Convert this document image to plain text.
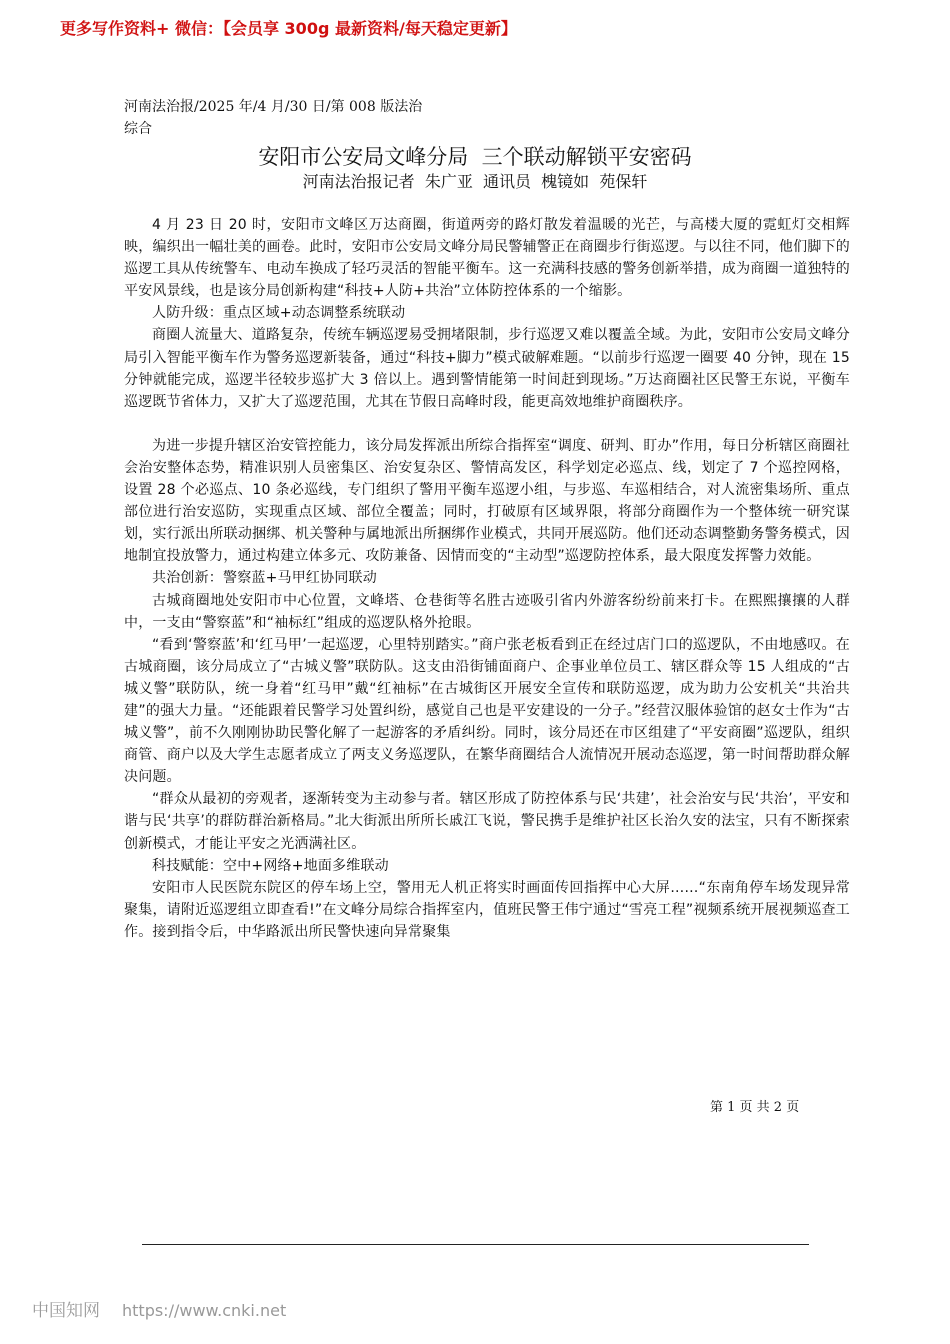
更多写作资料+ 微信：【会员享 300g 最新资料/每天稳定更新】
河南法治报/2025 年/4 月/30 日/第 008 版法治综合
安阳市公安局文峰分局  三个联动解锁平安密码
河南法治报记者  朱广亚  通讯员  槐镜如  苑保轩

4 月 23 日 20 时，安阳市文峰区万达商圈，街道两旁的路灯散发着温暖的光芒，与高楼大厦的霓虹灯交相辉映，编织出一幅壮美的画卷。此时，安阳市公安局文峰分局民警辅警正在商圈步行街巡逻。与以往不同，他们脚下的巡逻工具从传统警车、电动车换成了轻巧灵活的智能平衡车。这一充满科技感的警务创新举措，成为商圈一道独特的平安风景线，也是该分局创新构建“科技+人防+共治”立体防控体系的一个缩影。

人防升级：重点区域+动态调整系统联动

商圈人流量大、道路复杂，传统车辆巡逻易受拥堵限制，步行巡逻又难以覆盖全域。为此，安阳市公安局文峰分局引入智能平衡车作为警务巡逻新装备，通过“科技+脚力”模式破解难题。“以前步行巡逻一圈要 40 分钟，现在 15 分钟就能完成，巡逻半径较步巡扩大 3 倍以上。遇到警情能第一时间赶到现场。”万达商圈社区民警王东说，平衡车巡逻既节省体力，又扩大了巡逻范围，尤其在节假日高峰时段，能更高效地维护商圈秩序。

为进一步提升辖区治安管控能力，该分局发挥派出所综合指挥室“调度、研判、盯办”作用，每日分析辖区商圈社会治安整体态势，精准识别人员密集区、治安复杂区、警情高发区，科学划定必巡点、线，划定了 7 个巡控网格，设置 28 个必巡点、10 条必巡线，专门组织了警用平衡车巡逻小组，与步巡、车巡相结合，对人流密集场所、重点部位进行治安巡防，实现重点区域、部位全覆盖；同时，打破原有区域界限，将部分商圈作为一个整体统一研究谋划，实行派出所联动捆绑、机关警种与属地派出所捆绑作业模式，共同开展巡防。他们还动态调整勤务警务模式，因地制宜投放警力，通过构建立体多元、攻防兼备、因情而变的“主动型”巡逻防控体系，最大限度发挥警力效能。

共治创新：警察蓝+马甲红协同联动

古城商圈地处安阳市中心位置，文峰塔、仓巷街等名胜古迹吸引省内外游客纷纷前来打卡。在熙熙攘攘的人群中，一支由“警察蓝”和“袖标红”组成的巡逻队格外抢眼。

“看到‘警察蓝’和‘红马甲’一起巡逻，心里特别踏实。”商户张老板看到正在经过店门口的巡逻队，不由地感叹。在古城商圈，该分局成立了“古城义警”联防队。这支由沿街铺面商户、企事业单位员工、辖区群众等 15 人组成的“古城义警”联防队，统一身着“红马甲”戴“红袖标”在古城街区开展安全宣传和联防巡逻，成为助力公安机关“共治共建”的强大力量。“还能跟着民警学习处置纠纷，感觉自己也是平安建设的一分子。”经营汉服体验馆的赵女士作为“古城义警”，前不久刚刚协助民警化解了一起游客的矛盾纠纷。同时，该分局还在市区组建了“平安商圈”巡逻队，组织商管、商户以及大学生志愿者成立了两支义务巡逻队，在繁华商圈结合人流情况开展动态巡逻，第一时间帮助群众解决问题。

“群众从最初的旁观者，逐渐转变为主动参与者。辖区形成了防控体系与民‘共建’，社会治安与民‘共治’，平安和谐与民‘共享’的群防群治新格局。”北大街派出所所长戚江飞说，警民携手是维护社区长治久安的法宝，只有不断探索创新模式，才能让平安之光洒满社区。

科技赋能：空中+网络+地面多维联动

安阳市人民医院东院区的停车场上空，警用无人机正将实时画面传回指挥中心大屏……“东南角停车场发现异常聚集，请附近巡逻组立即查看!”在文峰分局综合指挥室内，值班民警王伟宁通过“雪亮工程”视频系统开展视频巡查工作。接到指令后，中华路派出所民警快速向异常聚集

第 1 页 共 2 页
中国知网 https://www.cnki.net
